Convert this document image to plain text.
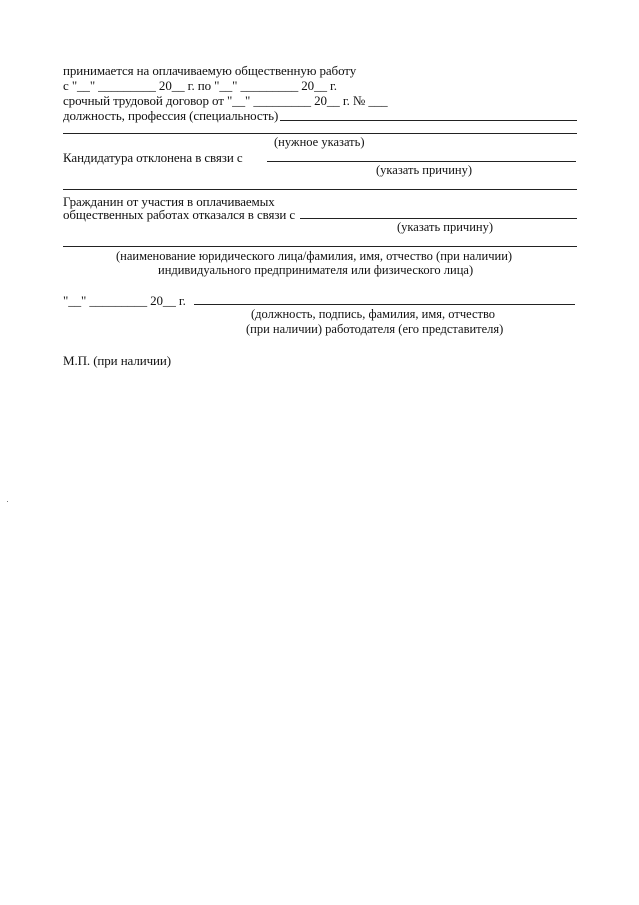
принимается на оплачиваемую общественную работу
с "__" _________ 20__ г. по "__" _________ 20__ г.
срочный трудовой договор от "__" _________ 20__ г. № ___
должность, профессия (специальность)
(нужное указать)
Кандидатура отклонена в связи с
(указать причину)
Гражданин от участия в оплачиваемых
общественных работах отказался в связи с
(указать причину)
(наименование юридического лица/фамилия, имя, отчество (при наличии)
индивидуального предпринимателя или физического лица)
"__" _________ 20__ г.
(должность, подпись, фамилия, имя, отчество
(при наличии) работодателя (его представителя)
М.П. (при наличии)
